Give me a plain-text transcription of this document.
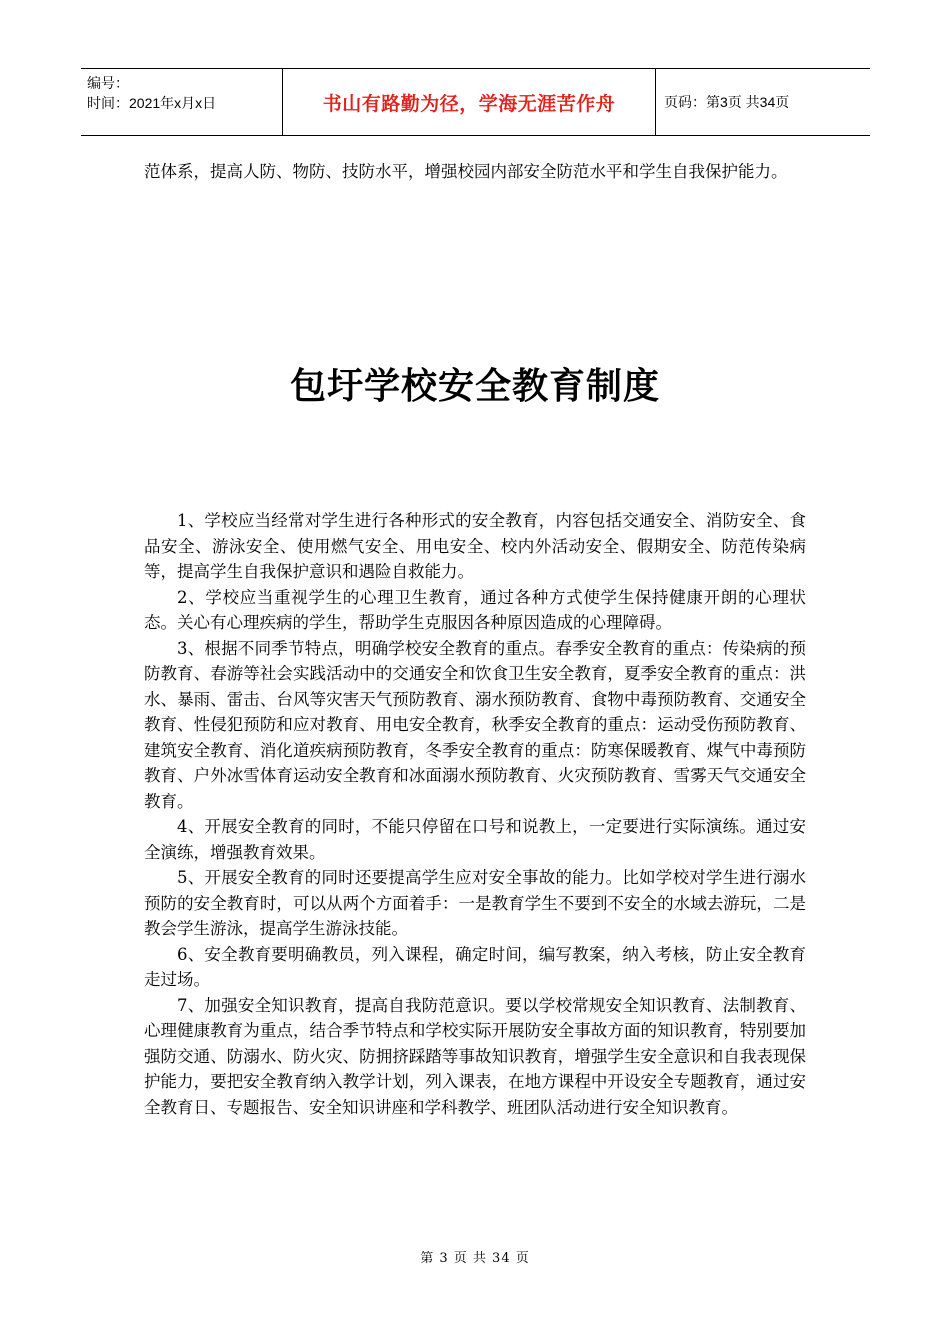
编号：
时间：2021年x月x日	书山有路勤为径，学海无涯苦作舟	页码：第3页 共34页
范体系，提高人防、物防、技防水平，增强校园内部安全防范水平和学生自我保护能力。
包圩学校安全教育制度

1、学校应当经常对学生进行各种形式的安全教育，内容包括交通安全、消防安全、食品安全、游泳安全、使用燃气安全、用电安全、校内外活动安全、假期安全、防范传染病等，提高学生自我保护意识和遇险自救能力。

2、学校应当重视学生的心理卫生教育，通过各种方式使学生保持健康开朗的心理状态。关心有心理疾病的学生，帮助学生克服因各种原因造成的心理障碍。

3、根据不同季节特点，明确学校安全教育的重点。春季安全教育的重点：传染病的预防教育、春游等社会实践活动中的交通安全和饮食卫生安全教育，夏季安全教育的重点：洪水、暴雨、雷击、台风等灾害天气预防教育、溺水预防教育、食物中毒预防教育、交通安全教育、性侵犯预防和应对教育、用电安全教育，秋季安全教育的重点：运动受伤预防教育、建筑安全教育、消化道疾病预防教育，冬季安全教育的重点：防寒保暖教育、煤气中毒预防教育、户外冰雪体育运动安全教育和冰面溺水预防教育、火灾预防教育、雪雾天气交通安全教育。

4、开展安全教育的同时，不能只停留在口号和说教上，一定要进行实际演练。通过安全演练，增强教育效果。

5、开展安全教育的同时还要提高学生应对安全事故的能力。比如学校对学生进行溺水预防的安全教育时，可以从两个方面着手：一是教育学生不要到不安全的水域去游玩，二是教会学生游泳，提高学生游泳技能。

6、安全教育要明确教员，列入课程，确定时间，编写教案，纳入考核，防止安全教育走过场。

7、加强安全知识教育，提高自我防范意识。要以学校常规安全知识教育、法制教育、心理健康教育为重点，结合季节特点和学校实际开展防安全事故方面的知识教育，特别要加强防交通、防溺水、防火灾、防拥挤踩踏等事故知识教育，增强学生安全意识和自我表现保护能力，要把安全教育纳入教学计划，列入课表，在地方课程中开设安全专题教育，通过安全教育日、专题报告、安全知识讲座和学科教学、班团队活动进行安全知识教育。

第 3 页 共 34 页
